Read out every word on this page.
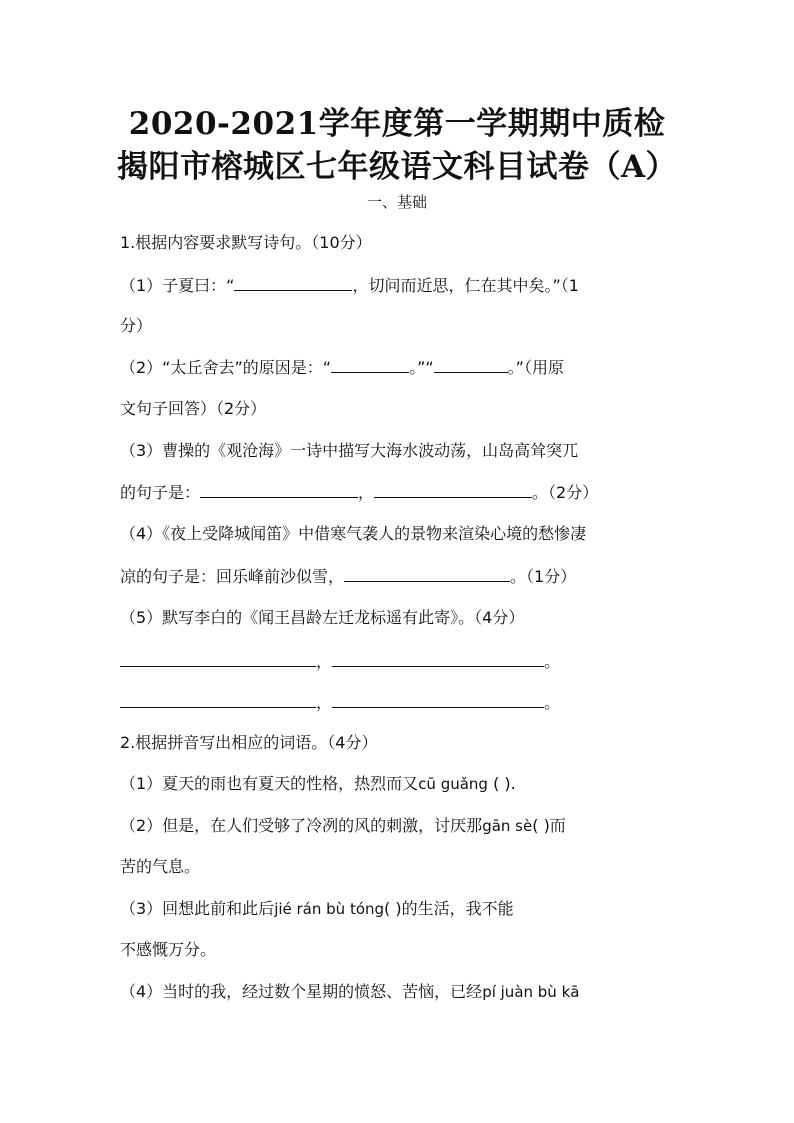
2020-2021学年度第一学期期中质检
揭阳市榕城区七年级语文科目试卷（A）
一、基础
1.根据内容要求默写诗句。（10分）
（1）子夏曰：“	，切问而近思，仁在其中矣。”（1
分）
（2）“太丘舍去”的原因是：“	。”“	。”（用原
文句子回答）（2分）
（3）曹操的《观沧海》一诗中描写大海水波动荡，山岛高耸突兀
的句子是：	，	。（2分）
（4）《夜上受降城闻笛》中借寒气袭人的景物来渲染心境的愁惨凄
凉的句子是：回乐峰前沙似雪，	。（1分）
（5）默写李白的《闻王昌龄左迁龙标遥有此寄》。（4分）
，	。
，	。
2.根据拼音写出相应的词语。（4分）
（1）夏天的雨也有夏天的性格，热烈而又cū guǎng ( ).
（2）但是，在人们受够了冷冽的风的刺激，讨厌那gān sè( )而
苦的气息。
（3）回想此前和此后jié rán bù tóng( )的生活，我不能
不感慨万分。
（4）当时的我，经过数个星期的愤怒、苦恼，已经pí juàn bù kā
